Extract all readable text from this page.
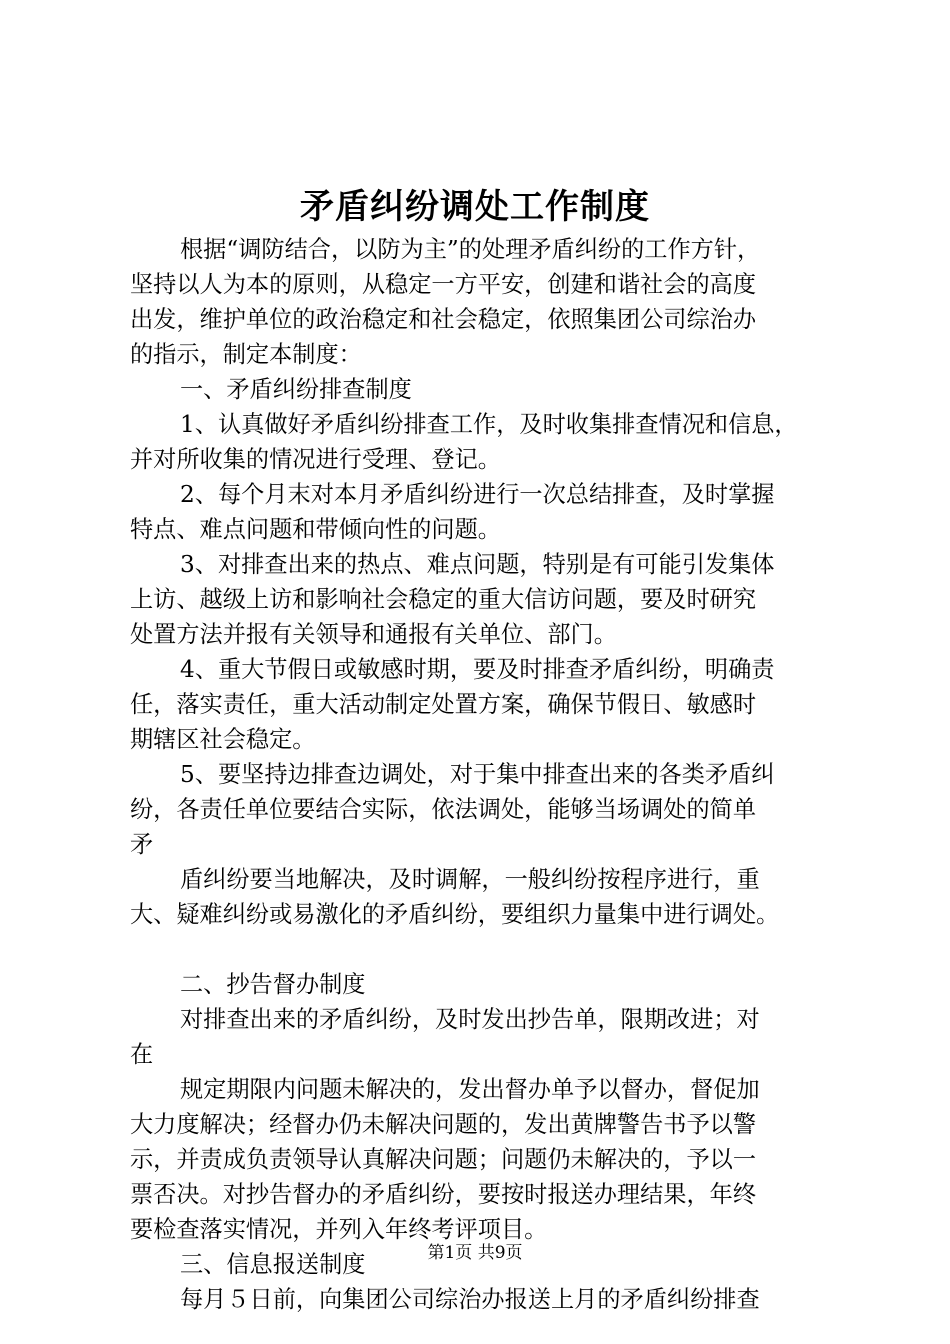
矛盾纠纷调处工作制度
根据“调防结合，以防为主”的处理矛盾纠纷的工作方针，
坚持以人为本的原则，从稳定一方平安，创建和谐社会的高度
出发，维护单位的政治稳定和社会稳定，依照集团公司综治办
的指示，制定本制度：
一、矛盾纠纷排查制度
1、认真做好矛盾纠纷排查工作，及时收集排查情况和信息，
并对所收集的情况进行受理、登记。
2、每个月末对本月矛盾纠纷进行一次总结排查，及时掌握
特点、难点问题和带倾向性的问题。
3、对排查出来的热点、难点问题，特别是有可能引发集体
上访、越级上访和影响社会稳定的重大信访问题，要及时研究
处置方法并报有关领导和通报有关单位、部门。
4、重大节假日或敏感时期，要及时排查矛盾纠纷，明确责
任，落实责任，重大活动制定处置方案，确保节假日、敏感时
期辖区社会稳定。
5、要坚持边排查边调处，对于集中排查出来的各类矛盾纠
纷，各责任单位要结合实际，依法调处，能够当场调处的简单
矛
盾纠纷要当地解决，及时调解，一般纠纷按程序进行，重
大、疑难纠纷或易激化的矛盾纠纷，要组织力量集中进行调处。
二、抄告督办制度
对排查出来的矛盾纠纷，及时发出抄告单，限期改进；对
在
规定期限内问题未解决的，发出督办单予以督办，督促加
大力度解决；经督办仍未解决问题的，发出黄牌警告书予以警
示，并责成负责领导认真解决问题；问题仍未解决的，予以一
票否决。对抄告督办的矛盾纠纷，要按时报送办理结果，年终
要检查落实情况，并列入年终考评项目。
三、信息报送制度
每月５日前，向集团公司综治办报送上月的矛盾纠纷排查
第1页 共9页
